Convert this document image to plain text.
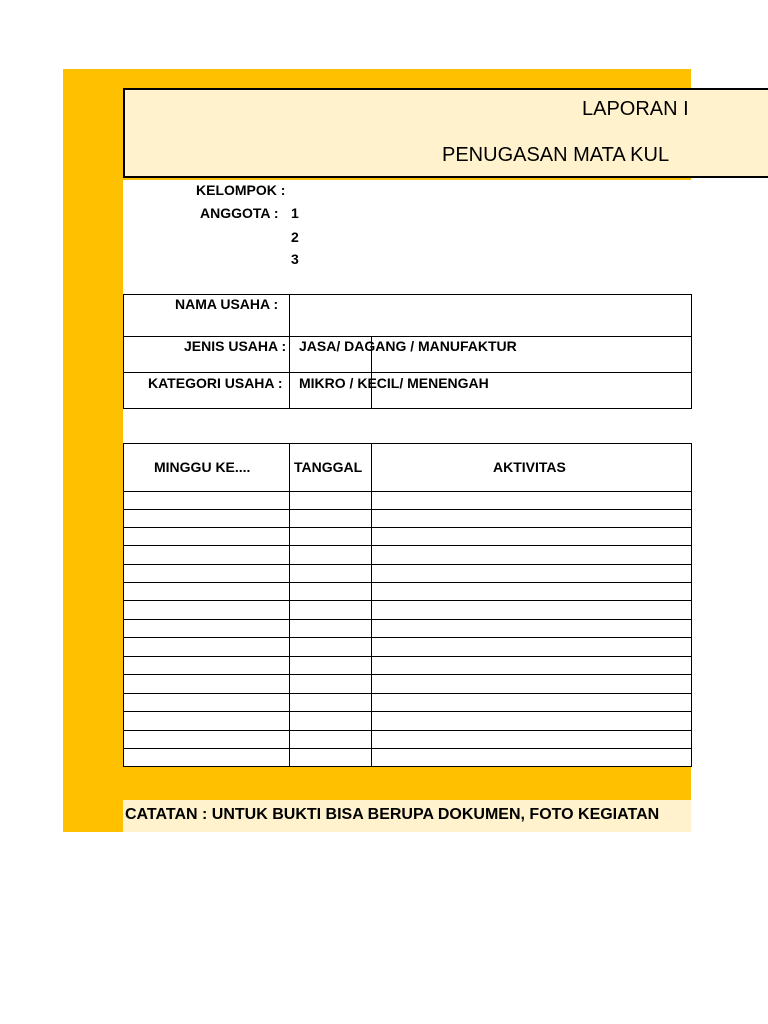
LAPORAN I
PENUGASAN MATA KUL
KELOMPOK :
ANGGOTA : 1
2
3
NAMA USAHA :
JENIS USAHA : JASA/ DAGANG / MANUFAKTUR
KATEGORI USAHA : MIKRO / KECIL/ MENENGAH
MINGGU KE....	TANGGAL	AKTIVITAS
CATATAN : UNTUK BUKTI BISA BERUPA DOKUMEN, FOTO KEGIATAN
